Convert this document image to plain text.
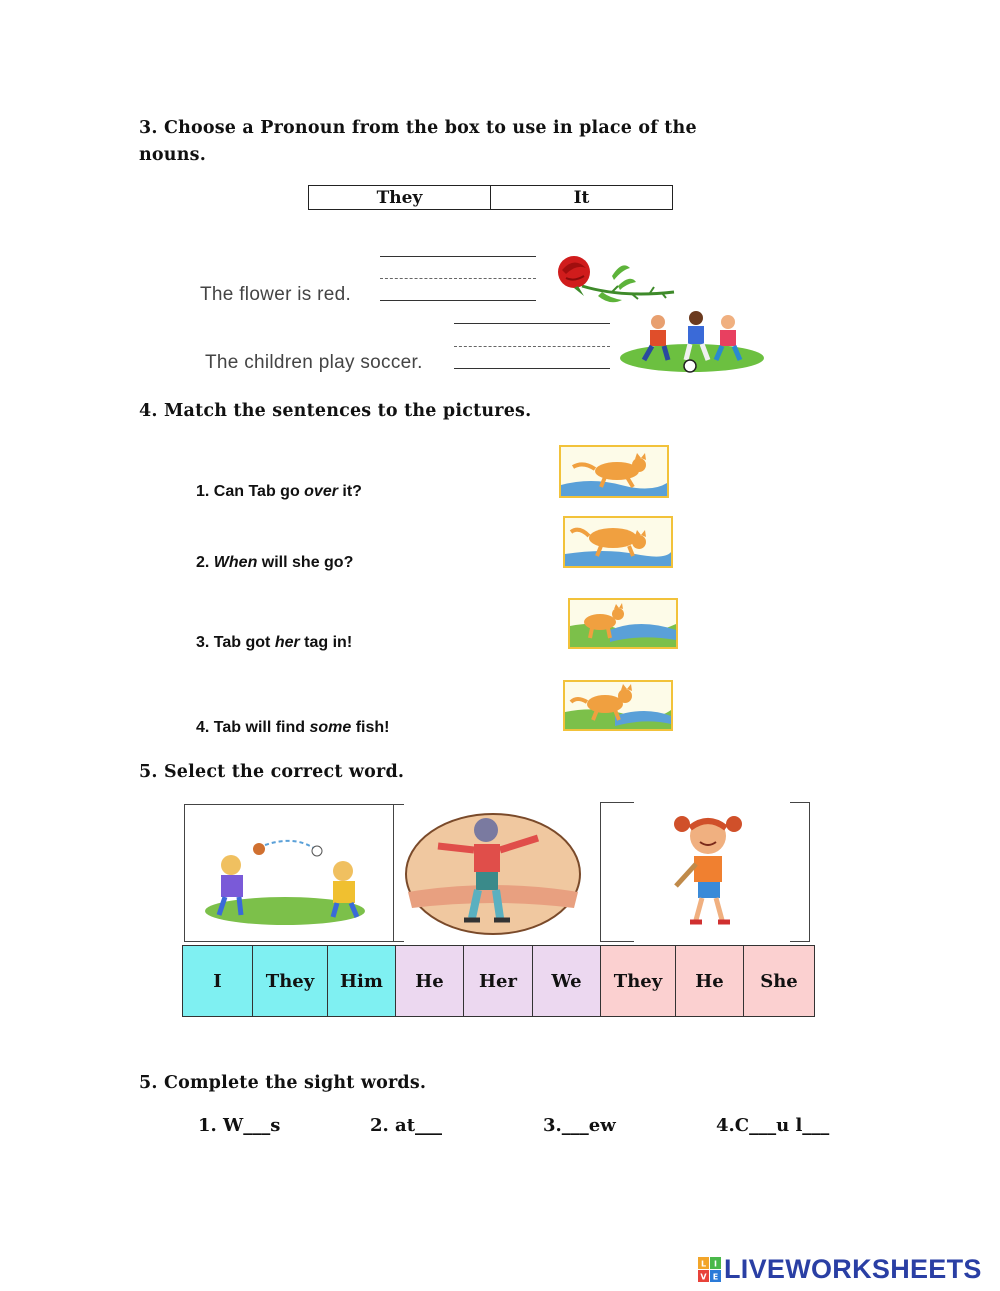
3. Choose a Pronoun from the box to use in place of the
nouns.
They	It
The flower is red.
The children play soccer.
4. Match the sentences to the pictures.
1. Can Tab go over it?
2. When will she go?
3. Tab got her tag in!
4. Tab will find some fish!
5. Select the correct word.
I	They	Him	He	Her	We	They	He	She
5. Complete the sight words.
1. W___s	2. at___	3.___ew	4.C___u l___
L I
V E LIVEWORKSHEETS
